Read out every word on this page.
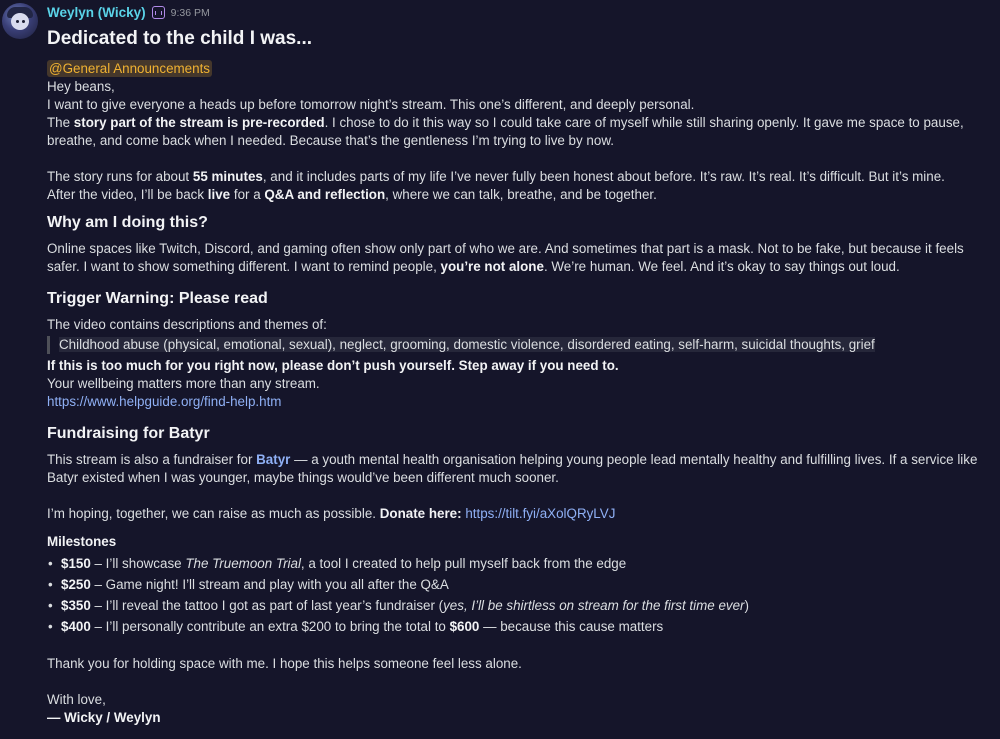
Weylyn (Wicky) 9:36 PM
Dedicated to the child I was...

@General Announcements

Hey beans,

I want to give everyone a heads up before tomorrow night’s stream. This one’s different, and deeply personal.

The story part of the stream is pre-recorded. I chose to do it this way so I could take care of myself while still sharing openly. It gave me space to pause, breathe, and come back when I needed. Because that’s the gentleness I’m trying to live by now.

The story runs for about 55 minutes, and it includes parts of my life I’ve never fully been honest about before. It’s raw. It’s real. It’s difficult. But it’s mine.

After the video, I’ll be back live for a Q&A and reflection, where we can talk, breathe, and be together.

Why am I doing this?

Online spaces like Twitch, Discord, and gaming often show only part of who we are. And sometimes that part is a mask. Not to be fake, but because it feels safer. I want to show something different. I want to remind people, you’re not alone. We’re human. We feel. And it’s okay to say things out loud.

Trigger Warning: Please read

The video contains descriptions and themes of:

Childhood abuse (physical, emotional, sexual), neglect, grooming, domestic violence, disordered eating, self-harm, suicidal thoughts, grief

If this is too much for you right now, please don’t push yourself. Step away if you need to.

Your wellbeing matters more than any stream.

https://www.helpguide.org/find-help.htm

Fundraising for Batyr

This stream is also a fundraiser for Batyr — a youth mental health organisation helping young people lead mentally healthy and fulfilling lives. If a service like Batyr existed when I was younger, maybe things would’ve been different much sooner.

I’m hoping, together, we can raise as much as possible. Donate here: https://tilt.fyi/aXolQRyLVJ

Milestones

• $150 – I’ll showcase The Truemoon Trial, a tool I created to help pull myself back from the edge
• $250 – Game night! I’ll stream and play with you all after the Q&A
• $350 – I’ll reveal the tattoo I got as part of last year’s fundraiser (yes, I’ll be shirtless on stream for the first time ever)
• $400 – I’ll personally contribute an extra $200 to bring the total to $600 — because this cause matters

Thank you for holding space with me. I hope this helps someone feel less alone.

With love,

— Wicky / Weylyn
